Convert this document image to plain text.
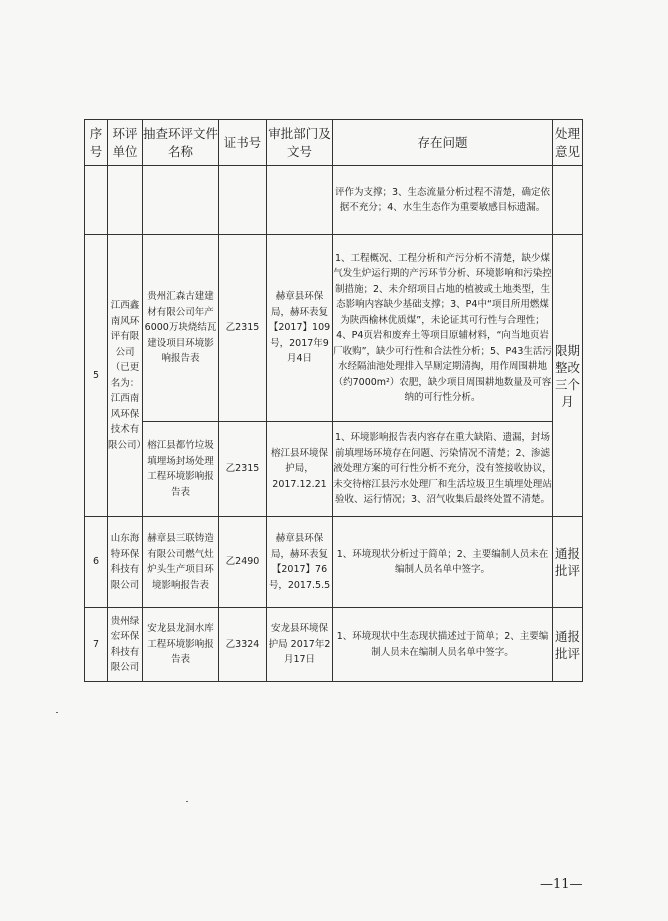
序号	环评单位	抽查环评文件名称	证书号	审批部门及文号	存在问题	处理意见
					评作为支撑；3、生态流量分析过程不清楚，确定依据不充分；4、水生生态作为重要敏感目标遗漏。	
5	江西鑫南风环评有限公司（已更名为：江西南风环保技术有限公司）	贵州汇森古建建材有限公司年产6000万块烧结瓦建设项目环境影响报告表	乙2315	赫章县环保局，赫环表复【2017】109号，2017年9月4日	1、工程概况、工程分析和产污分析不清楚，缺少煤气发生炉运行期的产污环节分析、环境影响和污染控制措施；2、未介绍项目占地的植被或土地类型，生态影响内容缺少基础支撑；3、P4中“项目所用燃煤为陕西榆林优质煤”，未论证其可行性与合理性；4、P4页岩和废弃土等项目原辅材料，“向当地页岩厂收购”，缺少可行性和合法性分析；5、P43生活污水经隔油池处理排入旱厕定期清掏，用作周围耕地（约7000m²）农肥，缺少项目周围耕地数量及可容纳的可行性分析。	限期整改三个月
		榕江县都竹垃圾填埋场封场处理工程环境影响报告表	乙2315	榕江县环境保护局，2017.12.21	1、环境影响报告表内容存在重大缺陷、遗漏，封场前填埋场环境存在问题、污染情况不清楚；2、渗滤液处理方案的可行性分析不充分，没有签接收协议，未交待榕江县污水处理厂和生活垃圾卫生填埋处理站验收、运行情况；3、沼气收集后最终处置不清楚。	
6	山东海特环保科技有限公司	赫章县三联铸造有限公司燃气灶炉头生产项目环境影响报告表	乙2490	赫章县环保局，赫环表复【2017】76号，2017.5.5	1、环境现状分析过于简单；2、主要编制人员未在编制人员名单中签字。	通报批评
7	贵州绿宏环保科技有限公司	安龙县龙洞水库工程环境影响报告表	乙3324	安龙县环境保护局 2017年2月17日	1、环境现状中生态现状描述过于简单；2、主要编制人员未在编制人员名单中签字。	通报批评
—11—
